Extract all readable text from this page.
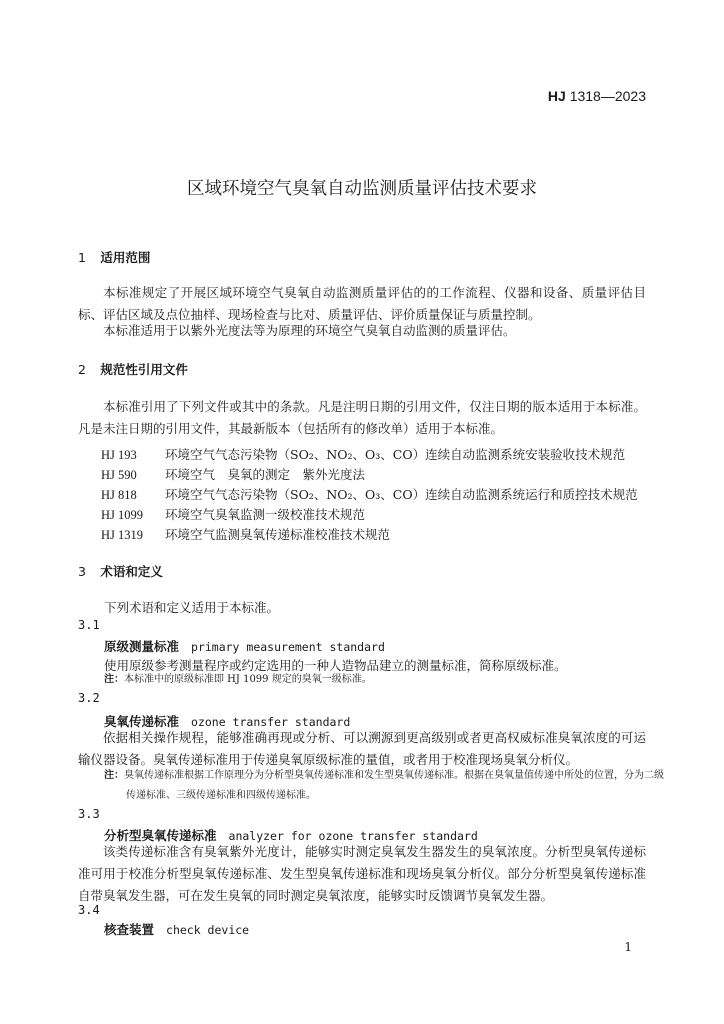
HJ 1318—2023
区域环境空气臭氧自动监测质量评估技术要求
1 适用范围

本标准规定了开展区域环境空气臭氧自动监测质量评估的的工作流程、仪器和设备、质量评估目标、评估区域及点位抽样、现场检查与比对、质量评估、评价质量保证与质量控制。

本标准适用于以紫外光度法等为原理的环境空气臭氧自动监测的质量评估。

2 规范性引用文件

本标准引用了下列文件或其中的条款。凡是注明日期的引用文件，仅注日期的版本适用于本标准。凡是未注日期的引用文件，其最新版本（包括所有的修改单）适用于本标准。

HJ 193 环境空气气态污染物（SO₂、NO₂、O₃、CO）连续自动监测系统安装验收技术规范
HJ 590 环境空气　臭氧的测定　紫外光度法
HJ 818 环境空气气态污染物（SO₂、NO₂、O₃、CO）连续自动监测系统运行和质控技术规范
HJ 1099 环境空气臭氧监测一级校准技术规范
HJ 1319 环境空气监测臭氧传递标准校准技术规范
3 术语和定义
下列术语和定义适用于本标准。
3.1
原级测量标准 primary measurement standard
使用原级参考测量程序或约定选用的一种人造物品建立的测量标准，简称原级标准。

注：本标准中的原级标准即 HJ 1099 规定的臭氧一级标准。

3.2
臭氧传递标准 ozone transfer standard

依据相关操作规程，能够准确再现或分析、可以溯源到更高级别或者更高权威标准臭氧浓度的可运输仪器设备。臭氧传递标准用于传递臭氧原级标准的量值，或者用于校准现场臭氧分析仪。

注：臭氧传递标准根据工作原理分为分析型臭氧传递标准和发生型臭氧传递标准。根据在臭氧量值传递中所处的位置，分为二级传递标准、三级传递标准和四级传递标准。

3.3
分析型臭氧传递标准 analyzer for ozone transfer standard

该类传递标准含有臭氧紫外光度计，能够实时测定臭氧发生器发生的臭氧浓度。分析型臭氧传递标准可用于校准分析型臭氧传递标准、发生型臭氧传递标准和现场臭氧分析仪。部分分析型臭氧传递标准自带臭氧发生器，可在发生臭氧的同时测定臭氧浓度，能够实时反馈调节臭氧发生器。

3.4
核查装置 check device
1
